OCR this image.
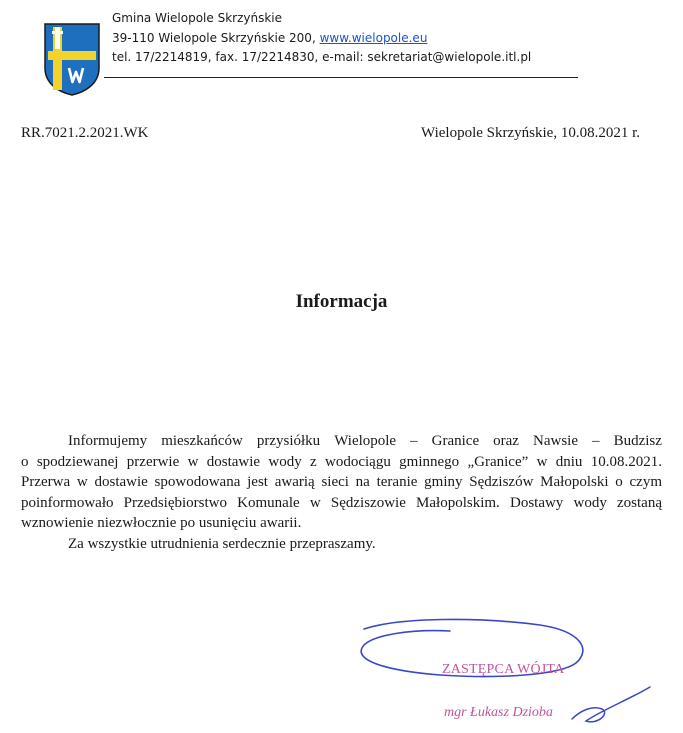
Gmina Wielopole Skrzyńskie
39-110 Wielopole Skrzyńskie 200, www.wielopole.eu
tel. 17/2214819, fax. 17/2214830, e-mail: sekretariat@wielopole.itl.pl
RR.7021.2.2021.WK	Wielopole Skrzyńskie, 10.08.2021 r.
Informacja
Informujemy mieszkańców przysiółku Wielopole – Granice oraz Nawsie – Budzisz
o spodziewanej przerwie w dostawie wody z wodociągu gminnego „Granice” w dniu 10.08.2021.
Przerwa w dostawie spowodowana jest awarią sieci na teranie gminy Sędziszów Małopolski o czym
poinformowało Przedsiębiorstwo Komunale w Sędziszowie Małopolskim. Dostawy wody zostaną
wznowienie niezwłocznie po usunięciu awarii.
Za wszystkie utrudnienia serdecznie przepraszamy.
ZASTĘPCA WÓJTA
mgr Łukasz Dzioba
